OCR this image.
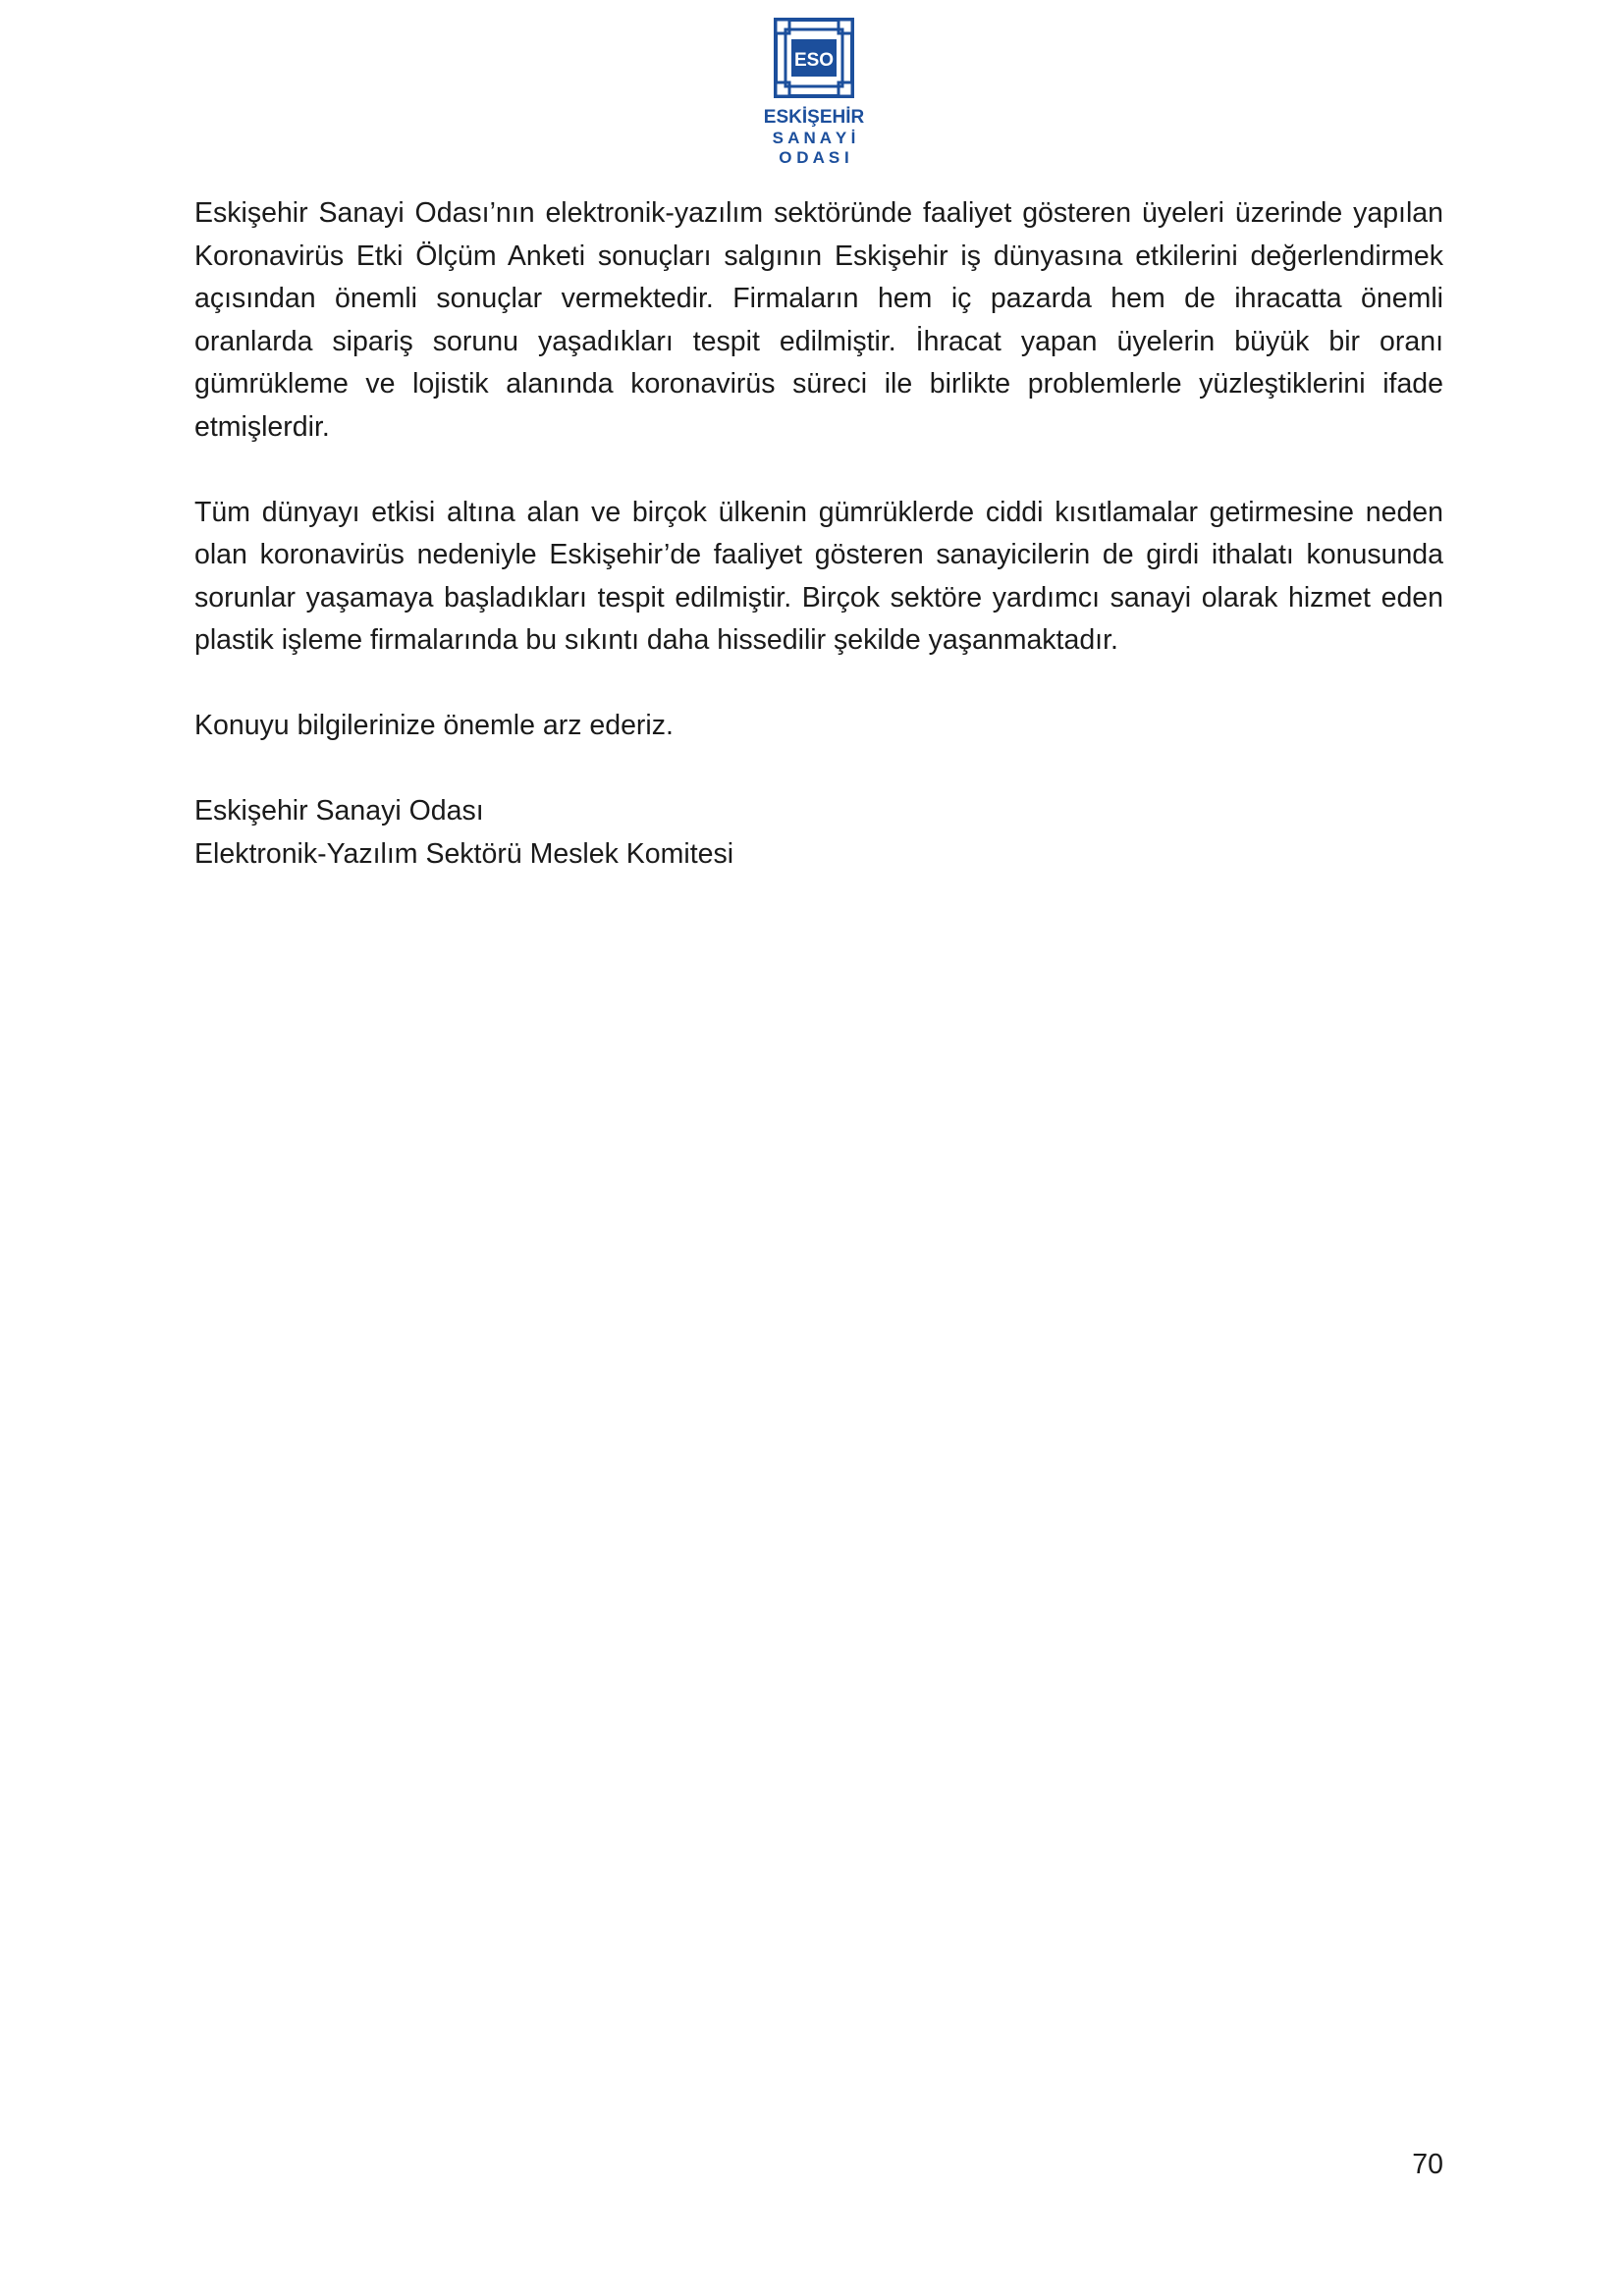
ESO
ESKİŞEHİR
S A N A Y İ
O D A S I

Eskişehir Sanayi Odası’nın elektronik-yazılım sektöründe faaliyet gösteren üyeleri üzerinde yapılan Koronavirüs Etki Ölçüm Anketi sonuçları salgının Eskişehir iş dünyasına etkilerini değerlendirmek açısından önemli sonuçlar vermektedir. Firmaların hem iç pazarda hem de ihracatta önemli oranlarda sipariş sorunu yaşadıkları tespit edilmiştir. İhracat yapan üyelerin büyük bir oranı gümrükleme ve lojistik alanında koronavirüs süreci ile birlikte problemlerle yüzleştiklerini ifade etmişlerdir.

Tüm dünyayı etkisi altına alan ve birçok ülkenin gümrüklerde ciddi kısıtlamalar getirmesine neden olan koronavirüs nedeniyle Eskişehir’de faaliyet gösteren sanayicilerin de girdi ithalatı konusunda sorunlar yaşamaya başladıkları tespit edilmiştir. Birçok sektöre yardımcı sanayi olarak hizmet eden plastik işleme firmalarında bu sıkıntı daha hissedilir şekilde yaşanmaktadır.

Konuyu bilgilerinize önemle arz ederiz.

Eskişehir Sanayi Odası

Elektronik-Yazılım Sektörü Meslek Komitesi

70
